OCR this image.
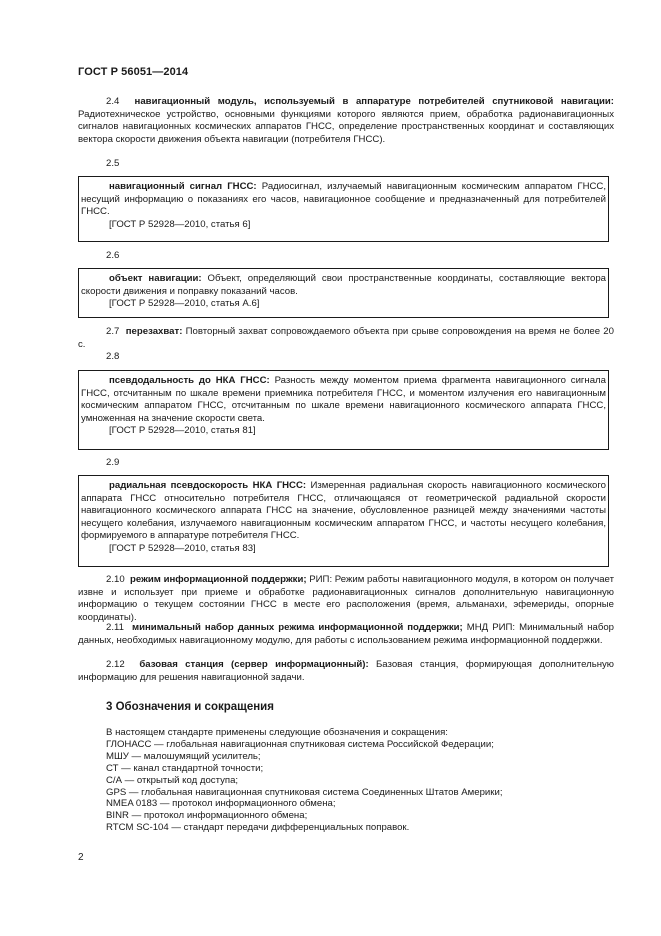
ГОСТ Р 56051—2014
2.4 навигационный модуль, используемый в аппаратуре потребителей спутниковой навигации: Радиотехническое устройство, основными функциями которого являются прием, обработка радионавигационных сигналов навигационных космических аппаратов ГНСС, определение пространственных координат и составляющих вектора скорости движения объекта навигации (потребителя ГНСС).
2.5

навигационный сигнал ГНСС: Радиосигнал, излучаемый навигационным космическим аппаратом ГНСС, несущий информацию о показаниях его часов, навигационное сообщение и предназначенный для потребителей ГНСС.

[ГОСТ Р 52928—2010, статья 6]

2.6

объект навигации: Объект, определяющий свои пространственные координаты, составляющие вектора скорости движения и поправку показаний часов.

[ГОСТ Р 52928—2010, статья А.6]

2.7 перезахват: Повторный захват сопровождаемого объекта при срыве сопровождения на время не более 20 с.
2.8

псевдодальность до НКА ГНСС: Разность между моментом приема фрагмента навигационного сигнала ГНСС, отсчитанным по шкале времени приемника потребителя ГНСС, и моментом излучения его навигационным космическим аппаратом ГНСС, отсчитанным по шкале времени навигационного космического аппарата ГНСС, умноженная на значение скорости света.

[ГОСТ Р 52928—2010, статья 81]

2.9

радиальная псевдоскорость НКА ГНСС: Измеренная радиальная скорость навигационного космического аппарата ГНСС относительно потребителя ГНСС, отличающаяся от геометрической радиальной скорости навигационного космического аппарата ГНСС на значение, обусловленное разницей между значениями частоты несущего колебания, излучаемого навигационным космическим аппаратом ГНСС, и частоты несущего колебания, формируемого в аппаратуре потребителя ГНСС.

[ГОСТ Р 52928—2010, статья 83]

2.10 режим информационной поддержки; РИП: Режим работы навигационного модуля, в котором он получает извне и использует при приеме и обработке радионавигационных сигналов дополнительную навигационную информацию о текущем состоянии ГНСС в месте его расположения (время, альманахи, эфемериды, опорные координаты).
2.11 минимальный набор данных режима информационной поддержки; МНД РИП: Минимальный набор данных, необходимых навигационному модулю, для работы с использованием режима информационной поддержки.
2.12 базовая станция (сервер информационный): Базовая станция, формирующая дополнительную информацию для решения навигационной задачи.
3 Обозначения и сокращения
В настоящем стандарте применены следующие обозначения и сокращения:
ГЛОНАСС — глобальная навигационная спутниковая система Российской Федерации;
МШУ — малошумящий усилитель;
СТ — канал стандартной точности;
С/А — открытый код доступа;
GPS — глобальная навигационная спутниковая система Соединенных Штатов Америки;
NMEA 0183 — протокол информационного обмена;
BINR — протокол информационного обмена;
RTCM SC-104 — стандарт передачи дифференциальных поправок.
2
